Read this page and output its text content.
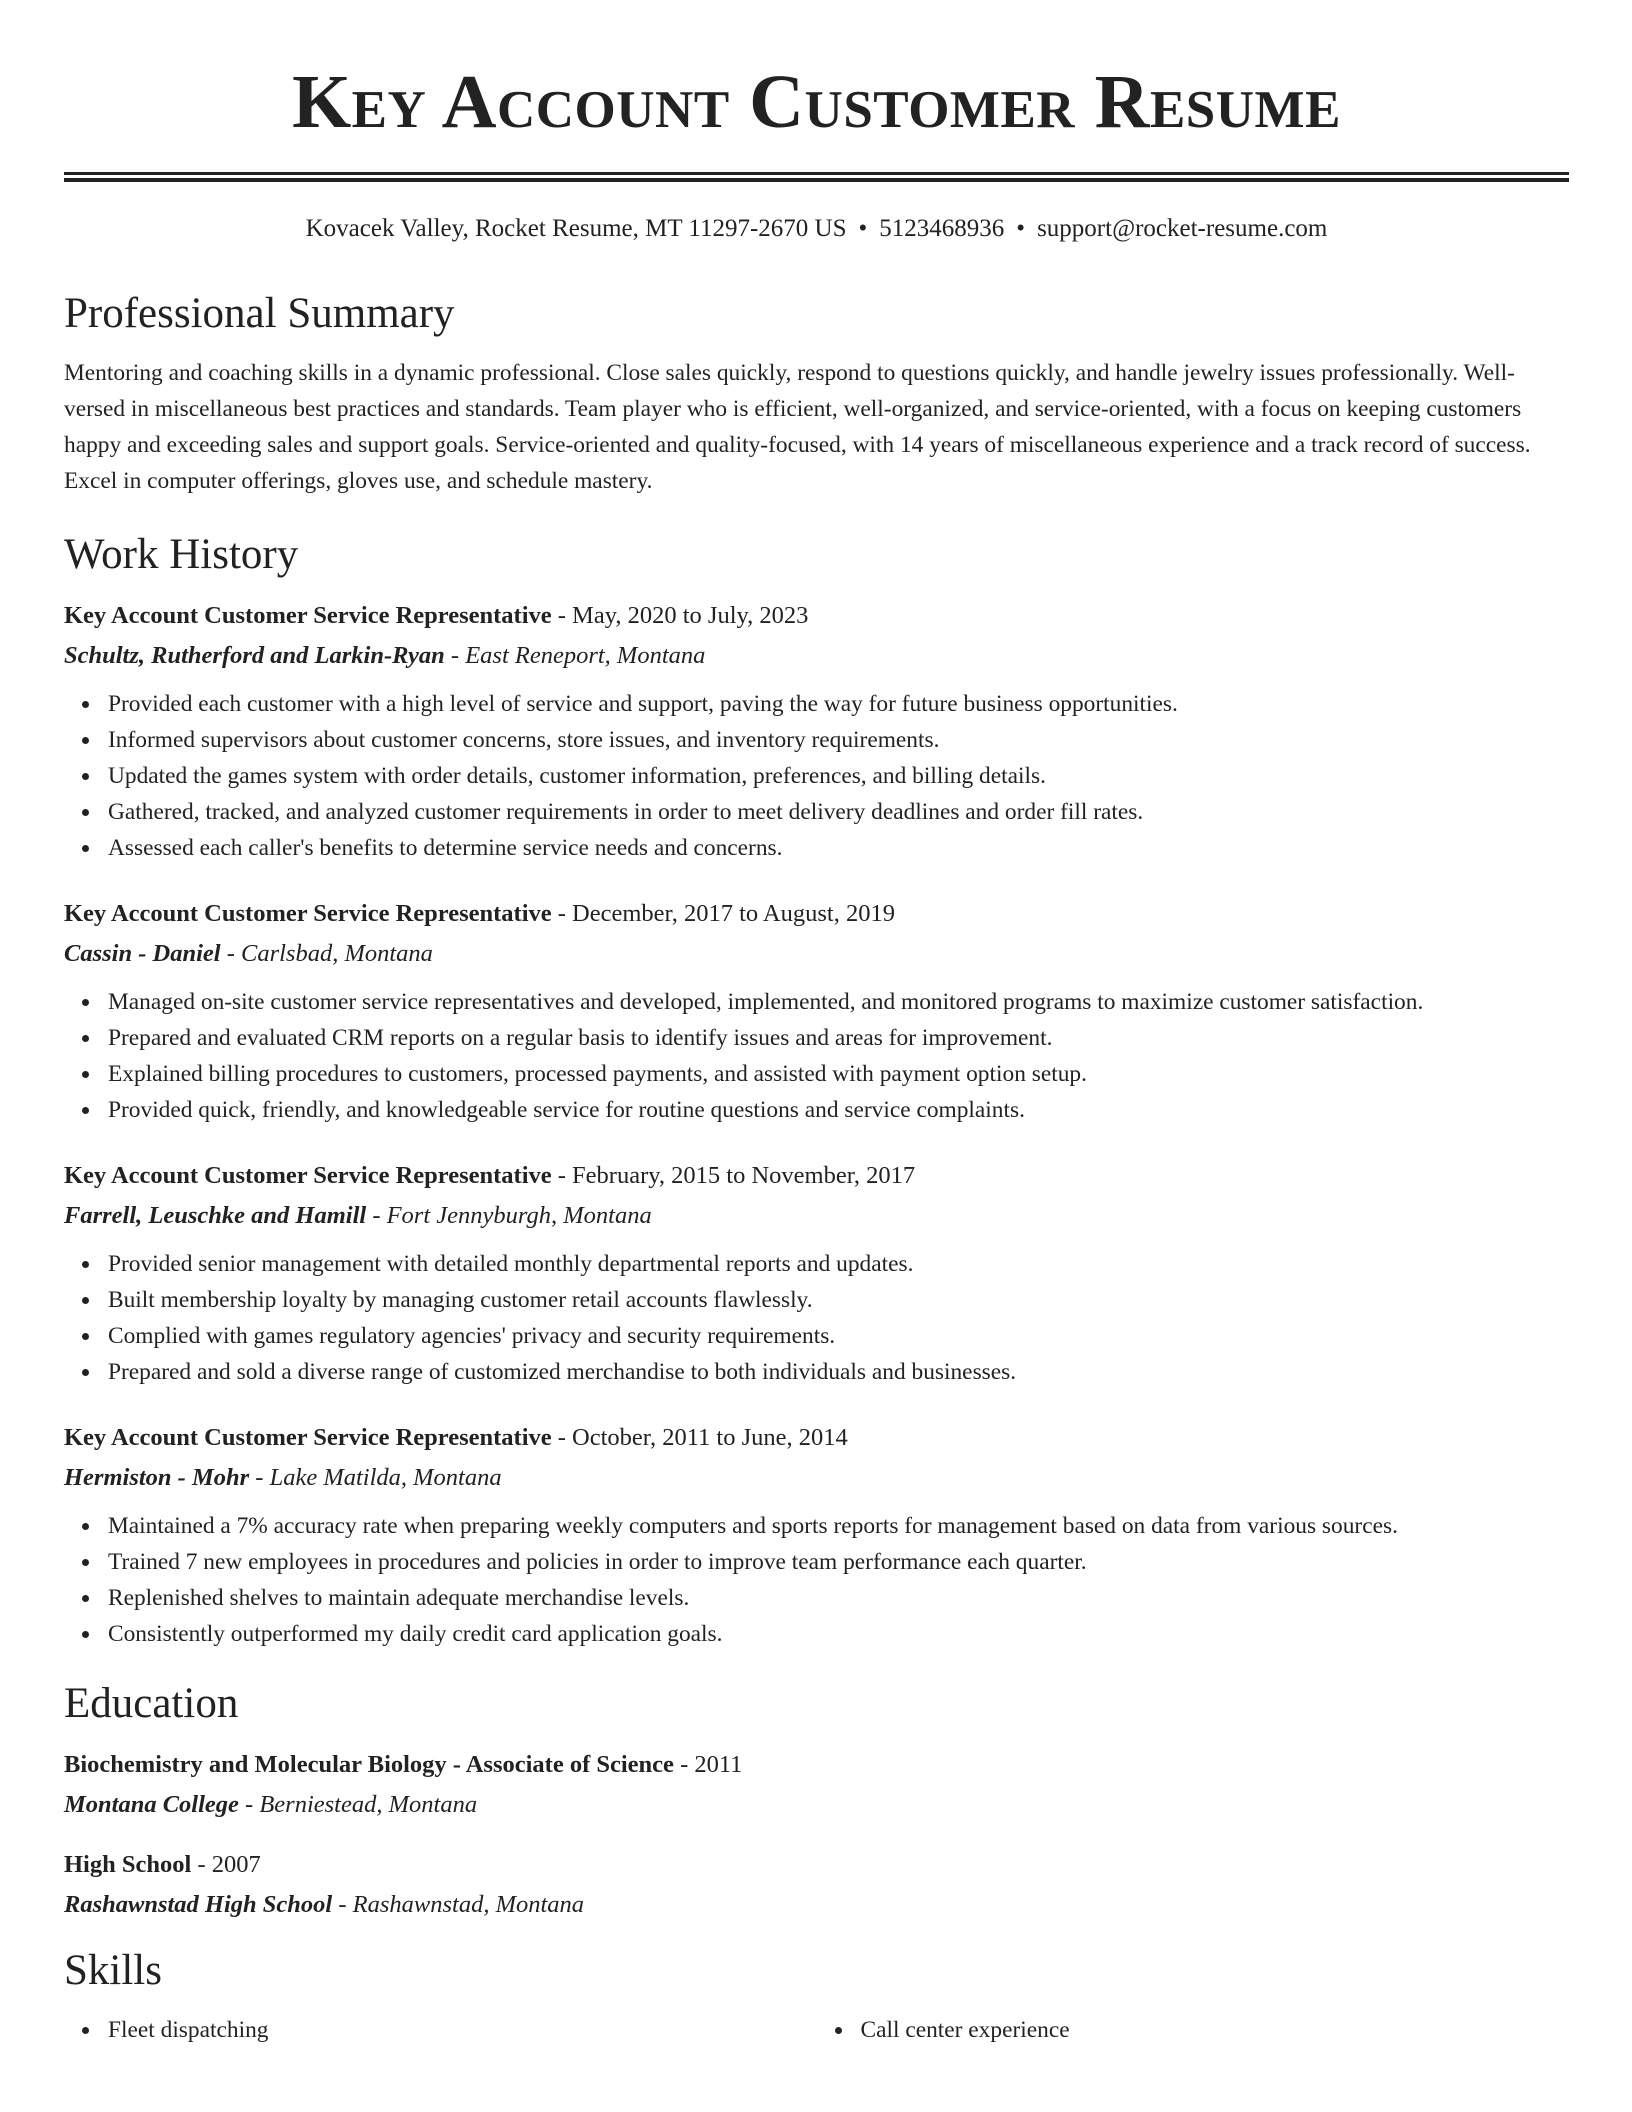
Key Account Customer Resume
Kovacek Valley, Rocket Resume, MT 11297-2670 US • 5123468936 • support@rocket-resume.com
Professional Summary
Mentoring and coaching skills in a dynamic professional. Close sales quickly, respond to questions quickly, and handle jewelry issues professionally. Well-versed in miscellaneous best practices and standards. Team player who is efficient, well-organized, and service-oriented, with a focus on keeping customers happy and exceeding sales and support goals. Service-oriented and quality-focused, with 14 years of miscellaneous experience and a track record of success. Excel in computer offerings, gloves use, and schedule mastery.
Work History
Key Account Customer Service Representative - May, 2020 to July, 2023
Schultz, Rutherford and Larkin-Ryan - East Reneport, Montana
Provided each customer with a high level of service and support, paving the way for future business opportunities.
Informed supervisors about customer concerns, store issues, and inventory requirements.
Updated the games system with order details, customer information, preferences, and billing details.
Gathered, tracked, and analyzed customer requirements in order to meet delivery deadlines and order fill rates.
Assessed each caller's benefits to determine service needs and concerns.
Key Account Customer Service Representative - December, 2017 to August, 2019
Cassin - Daniel - Carlsbad, Montana
Managed on-site customer service representatives and developed, implemented, and monitored programs to maximize customer satisfaction.
Prepared and evaluated CRM reports on a regular basis to identify issues and areas for improvement.
Explained billing procedures to customers, processed payments, and assisted with payment option setup.
Provided quick, friendly, and knowledgeable service for routine questions and service complaints.
Key Account Customer Service Representative - February, 2015 to November, 2017
Farrell, Leuschke and Hamill - Fort Jennyburgh, Montana
Provided senior management with detailed monthly departmental reports and updates.
Built membership loyalty by managing customer retail accounts flawlessly.
Complied with games regulatory agencies' privacy and security requirements.
Prepared and sold a diverse range of customized merchandise to both individuals and businesses.
Key Account Customer Service Representative - October, 2011 to June, 2014
Hermiston - Mohr - Lake Matilda, Montana
Maintained a 7% accuracy rate when preparing weekly computers and sports reports for management based on data from various sources.
Trained 7 new employees in procedures and policies in order to improve team performance each quarter.
Replenished shelves to maintain adequate merchandise levels.
Consistently outperformed my daily credit card application goals.
Education
Biochemistry and Molecular Biology - Associate of Science - 2011
Montana College - Berniestead, Montana
High School - 2007
Rashawnstad High School - Rashawnstad, Montana
Skills
Fleet dispatching	Call center experience
